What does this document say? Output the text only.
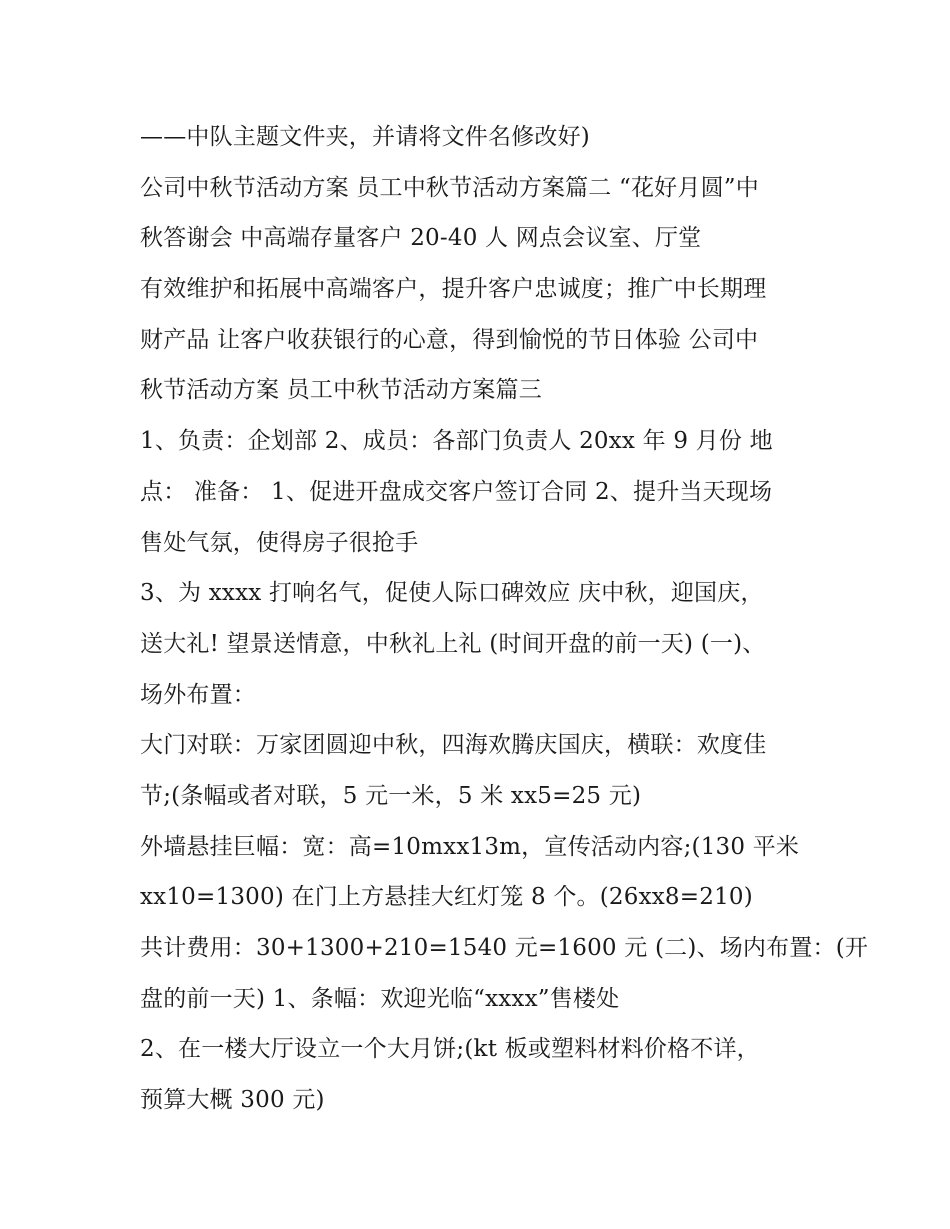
——中队主题文件夹，并请将文件名修改好)
公司中秋节活动方案 员工中秋节活动方案篇二 “花好月圆”中
秋答谢会 中高端存量客户 20-40 人 网点会议室、厅堂
有效维护和拓展中高端客户，提升客户忠诚度；推广中长期理
财产品 让客户收获银行的心意，得到愉悦的节日体验 公司中
秋节活动方案 员工中秋节活动方案篇三
1、负责：企划部 2、成员：各部门负责人 20xx 年 9 月份 地
点： 准备： 1、促进开盘成交客户签订合同 2、提升当天现场
售处气氛，使得房子很抢手
3、为 xxxx 打响名气，促使人际口碑效应 庆中秋，迎国庆，
送大礼! 望景送情意，中秋礼上礼 (时间开盘的前一天) (一)、
场外布置：
大门对联：万家团圆迎中秋，四海欢腾庆国庆，横联：欢度佳
节;(条幅或者对联，5 元一米，5 米 xx5=25 元)
外墙悬挂巨幅：宽：高=10mxx13m，宣传活动内容;(130 平米
xx10=1300) 在门上方悬挂大红灯笼 8 个。(26xx8=210)
共计费用：30+1300+210=1540 元=1600 元 (二)、场内布置：(开
盘的前一天) 1、条幅：欢迎光临“xxxx”售楼处
2、在一楼大厅设立一个大月饼;(kt 板或塑料材料价格不详，
预算大概 300 元)
